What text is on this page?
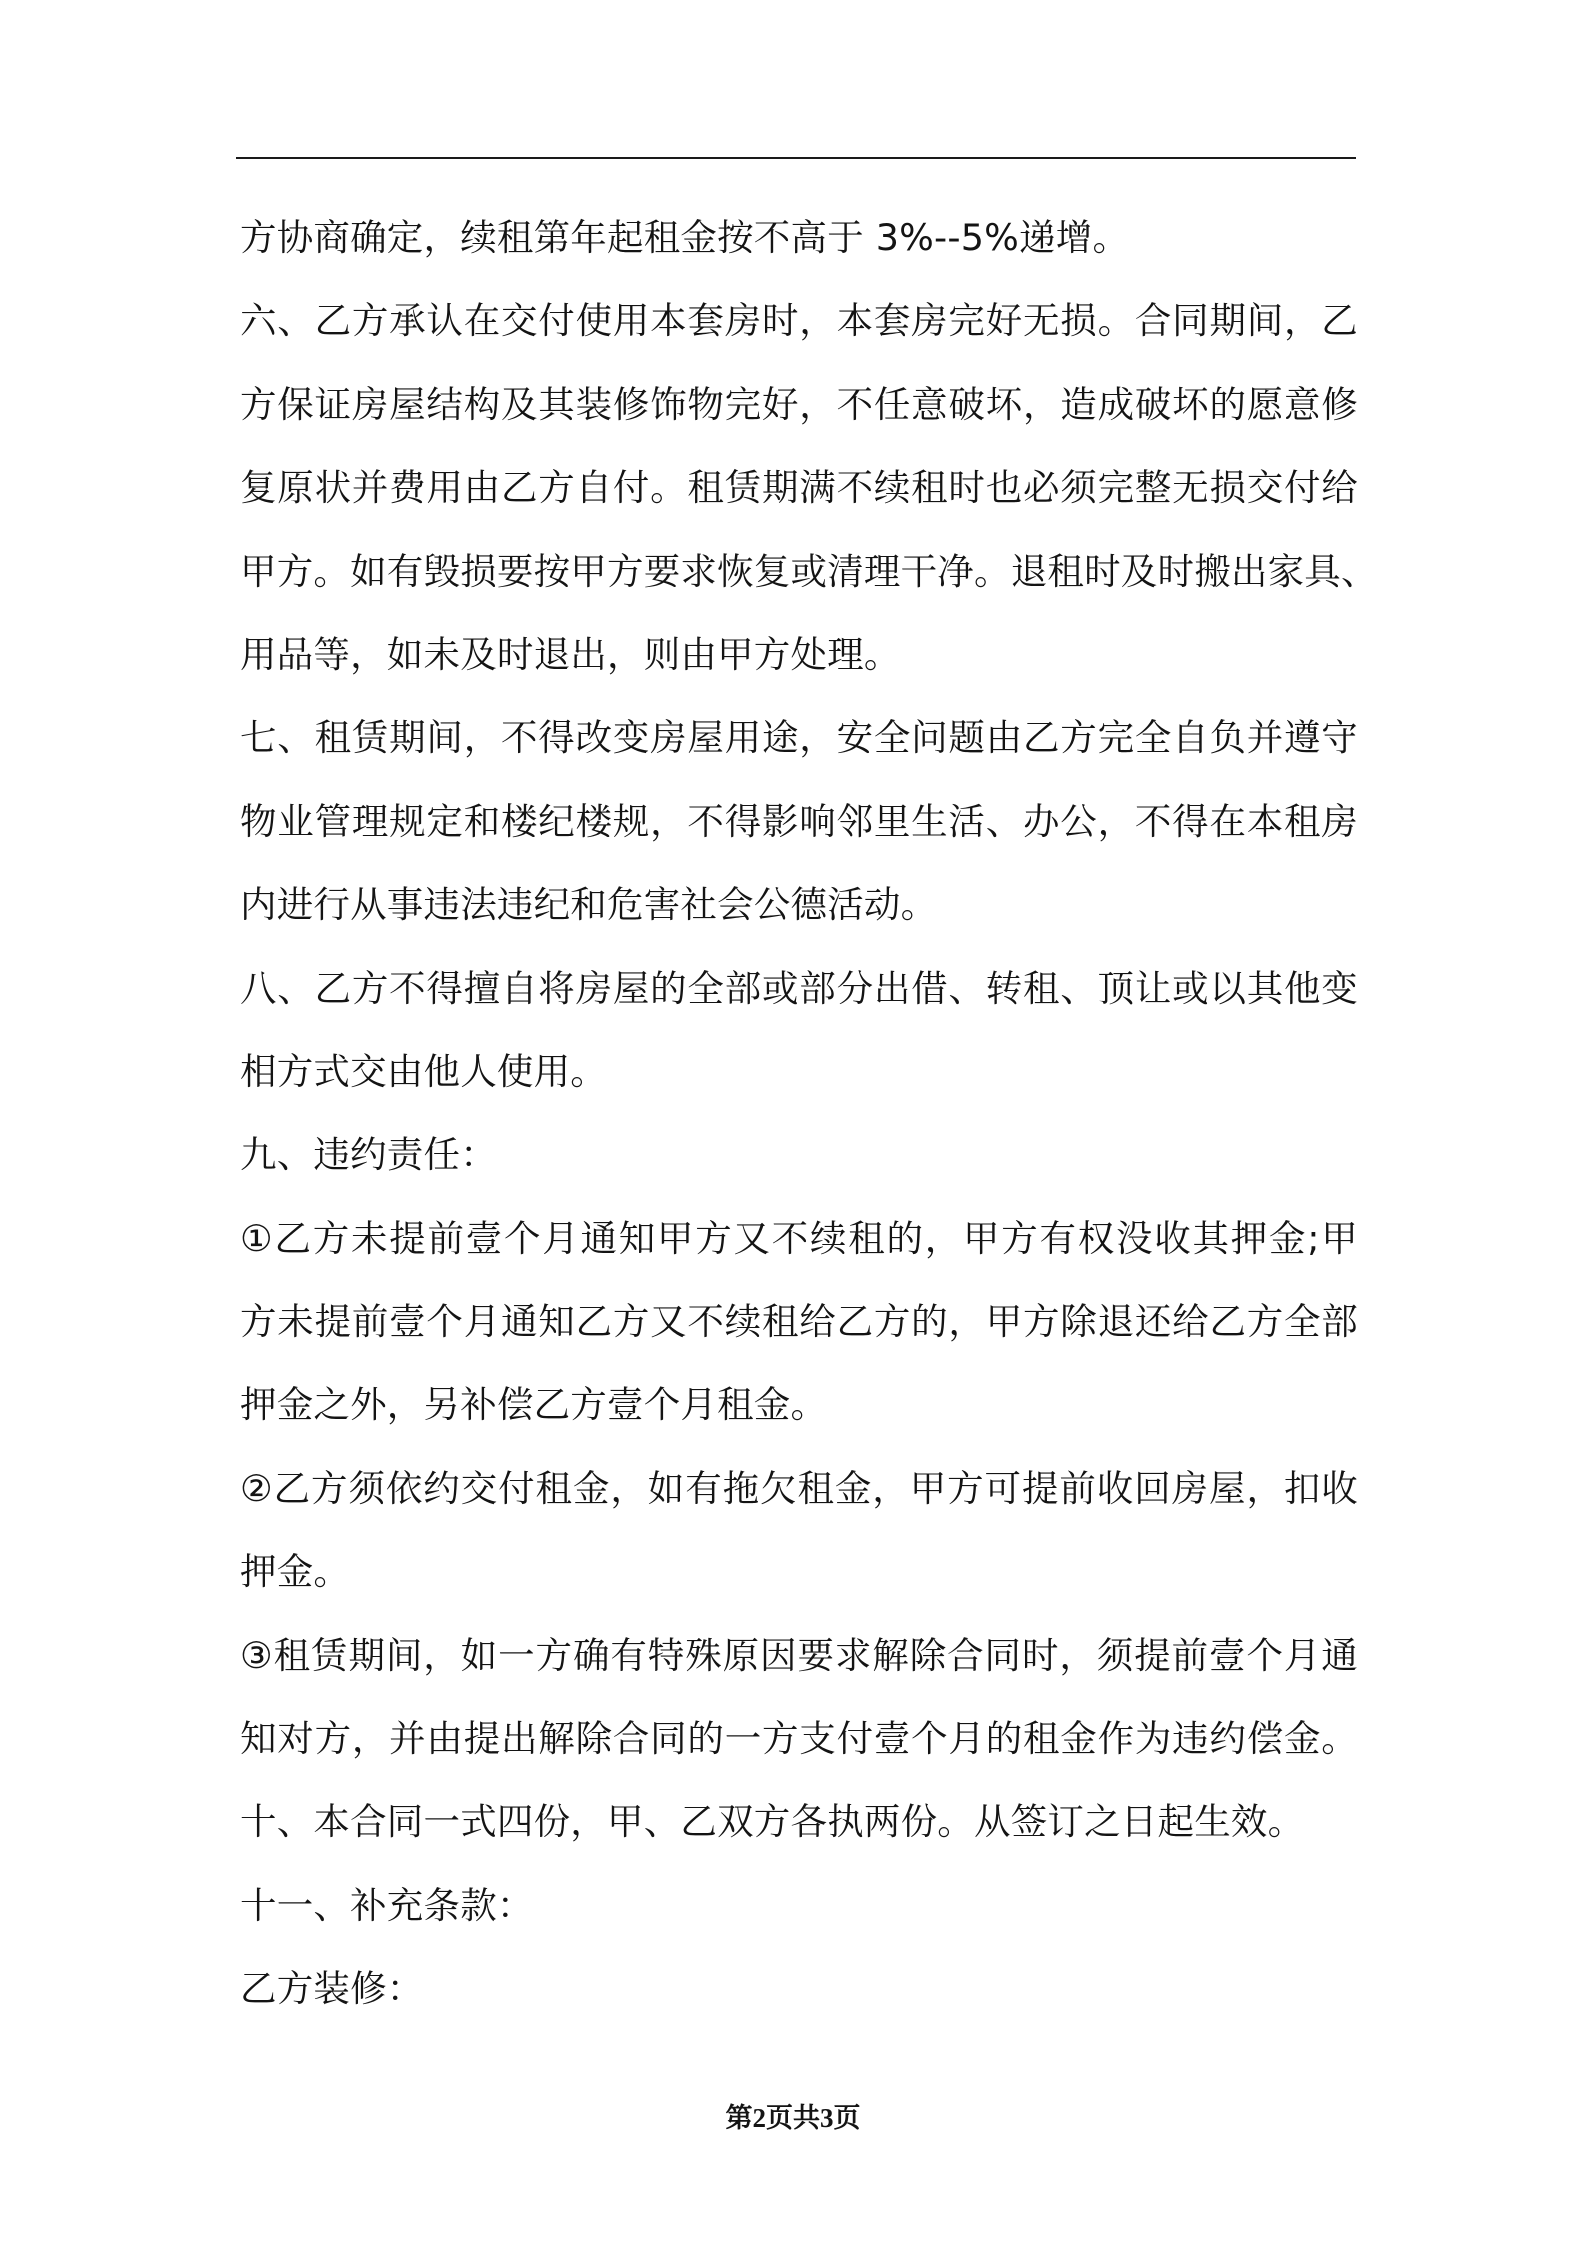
方协商确定，续租第年起租金按不高于 3%--5%递增。
六、乙方承认在交付使用本套房时，本套房完好无损。合同期间，乙
方保证房屋结构及其装修饰物完好，不任意破坏，造成破坏的愿意修
复原状并费用由乙方自付。租赁期满不续租时也必须完整无损交付给
甲方。如有毁损要按甲方要求恢复或清理干净。退租时及时搬出家具、
用品等，如未及时退出，则由甲方处理。
七、租赁期间，不得改变房屋用途，安全问题由乙方完全自负并遵守
物业管理规定和楼纪楼规，不得影响邻里生活、办公，不得在本租房
内进行从事违法违纪和危害社会公德活动。
八、乙方不得擅自将房屋的全部或部分出借、转租、顶让或以其他变
相方式交由他人使用。
九、违约责任：
①乙方未提前壹个月通知甲方又不续租的，甲方有权没收其押金;甲
方未提前壹个月通知乙方又不续租给乙方的，甲方除退还给乙方全部
押金之外，另补偿乙方壹个月租金。
②乙方须依约交付租金，如有拖欠租金，甲方可提前收回房屋，扣收
押金。
③租赁期间，如一方确有特殊原因要求解除合同时，须提前壹个月通
知对方，并由提出解除合同的一方支付壹个月的租金作为违约偿金。
十、本合同一式四份，甲、乙双方各执两份。从签订之日起生效。
十一、补充条款：
乙方装修：
第2页共3页
